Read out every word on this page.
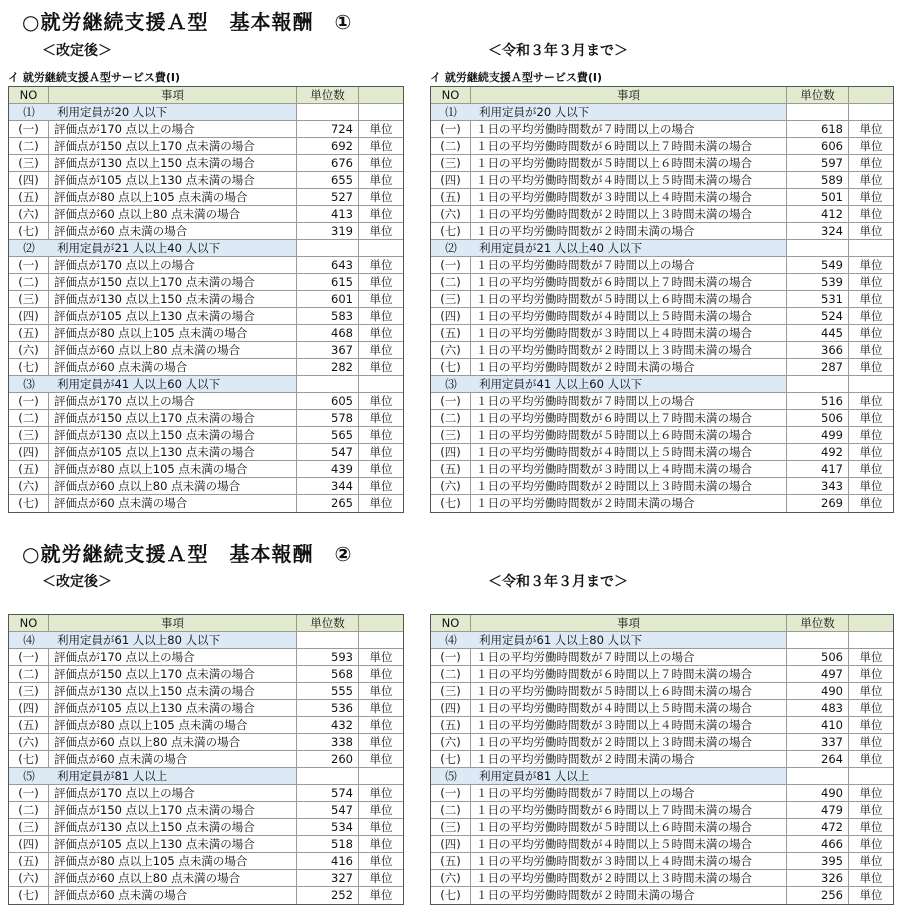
○就労継続支援Ａ型　基本報酬　①
＜改定後＞	＜令和３年３月まで＞
イ 就労継続支援Ａ型サービス費(Ⅰ)	イ 就労継続支援Ａ型サービス費(Ⅰ)
NO	事項	単位数
⑴	利用定員が20 人以下
(一)	評価点が170 点以上の場合	724	単位
(二)	評価点が150 点以上170 点未満の場合	692	単位
(三)	評価点が130 点以上150 点未満の場合	676	単位
(四)	評価点が105 点以上130 点未満の場合	655	単位
(五)	評価点が80 点以上105 点未満の場合	527	単位
(六)	評価点が60 点以上80 点未満の場合	413	単位
(七)	評価点が60 点未満の場合	319	単位
⑵	利用定員が21 人以上40 人以下
(一)	評価点が170 点以上の場合	643	単位
(二)	評価点が150 点以上170 点未満の場合	615	単位
(三)	評価点が130 点以上150 点未満の場合	601	単位
(四)	評価点が105 点以上130 点未満の場合	583	単位
(五)	評価点が80 点以上105 点未満の場合	468	単位
(六)	評価点が60 点以上80 点未満の場合	367	単位
(七)	評価点が60 点未満の場合	282	単位
⑶	利用定員が41 人以上60 人以下
(一)	評価点が170 点以上の場合	605	単位
(二)	評価点が150 点以上170 点未満の場合	578	単位
(三)	評価点が130 点以上150 点未満の場合	565	単位
(四)	評価点が105 点以上130 点未満の場合	547	単位
(五)	評価点が80 点以上105 点未満の場合	439	単位
(六)	評価点が60 点以上80 点未満の場合	344	単位
(七)	評価点が60 点未満の場合	265	単位
NO	事項	単位数
⑴	利用定員が20 人以下
(一)	１日の平均労働時間数が７時間以上の場合	618	単位
(二)	１日の平均労働時間数が６時間以上７時間未満の場合	606	単位
(三)	１日の平均労働時間数が５時間以上６時間未満の場合	597	単位
(四)	１日の平均労働時間数が４時間以上５時間未満の場合	589	単位
(五)	１日の平均労働時間数が３時間以上４時間未満の場合	501	単位
(六)	１日の平均労働時間数が２時間以上３時間未満の場合	412	単位
(七)	１日の平均労働時間数が２時間未満の場合	324	単位
⑵	利用定員が21 人以上40 人以下
(一)	１日の平均労働時間数が７時間以上の場合	549	単位
(二)	１日の平均労働時間数が６時間以上７時間未満の場合	539	単位
(三)	１日の平均労働時間数が５時間以上６時間未満の場合	531	単位
(四)	１日の平均労働時間数が４時間以上５時間未満の場合	524	単位
(五)	１日の平均労働時間数が３時間以上４時間未満の場合	445	単位
(六)	１日の平均労働時間数が２時間以上３時間未満の場合	366	単位
(七)	１日の平均労働時間数が２時間未満の場合	287	単位
⑶	利用定員が41 人以上60 人以下
(一)	１日の平均労働時間数が７時間以上の場合	516	単位
(二)	１日の平均労働時間数が６時間以上７時間未満の場合	506	単位
(三)	１日の平均労働時間数が５時間以上６時間未満の場合	499	単位
(四)	１日の平均労働時間数が４時間以上５時間未満の場合	492	単位
(五)	１日の平均労働時間数が３時間以上４時間未満の場合	417	単位
(六)	１日の平均労働時間数が２時間以上３時間未満の場合	343	単位
(七)	１日の平均労働時間数が２時間未満の場合	269	単位
○就労継続支援Ａ型　基本報酬　②
＜改定後＞	＜令和３年３月まで＞
NO	事項	単位数
⑷	利用定員が61 人以上80 人以下
(一)	評価点が170 点以上の場合	593	単位
(二)	評価点が150 点以上170 点未満の場合	568	単位
(三)	評価点が130 点以上150 点未満の場合	555	単位
(四)	評価点が105 点以上130 点未満の場合	536	単位
(五)	評価点が80 点以上105 点未満の場合	432	単位
(六)	評価点が60 点以上80 点未満の場合	338	単位
(七)	評価点が60 点未満の場合	260	単位
⑸	利用定員が81 人以上
(一)	評価点が170 点以上の場合	574	単位
(二)	評価点が150 点以上170 点未満の場合	547	単位
(三)	評価点が130 点以上150 点未満の場合	534	単位
(四)	評価点が105 点以上130 点未満の場合	518	単位
(五)	評価点が80 点以上105 点未満の場合	416	単位
(六)	評価点が60 点以上80 点未満の場合	327	単位
(七)	評価点が60 点未満の場合	252	単位
NO	事項	単位数
⑷	利用定員が61 人以上80 人以下
(一)	１日の平均労働時間数が７時間以上の場合	506	単位
(二)	１日の平均労働時間数が６時間以上７時間未満の場合	497	単位
(三)	１日の平均労働時間数が５時間以上６時間未満の場合	490	単位
(四)	１日の平均労働時間数が４時間以上５時間未満の場合	483	単位
(五)	１日の平均労働時間数が３時間以上４時間未満の場合	410	単位
(六)	１日の平均労働時間数が２時間以上３時間未満の場合	337	単位
(七)	１日の平均労働時間数が２時間未満の場合	264	単位
⑸	利用定員が81 人以上
(一)	１日の平均労働時間数が７時間以上の場合	490	単位
(二)	１日の平均労働時間数が６時間以上７時間未満の場合	479	単位
(三)	１日の平均労働時間数が５時間以上６時間未満の場合	472	単位
(四)	１日の平均労働時間数が４時間以上５時間未満の場合	466	単位
(五)	１日の平均労働時間数が３時間以上４時間未満の場合	395	単位
(六)	１日の平均労働時間数が２時間以上３時間未満の場合	326	単位
(七)	１日の平均労働時間数が２時間未満の場合	256	単位
